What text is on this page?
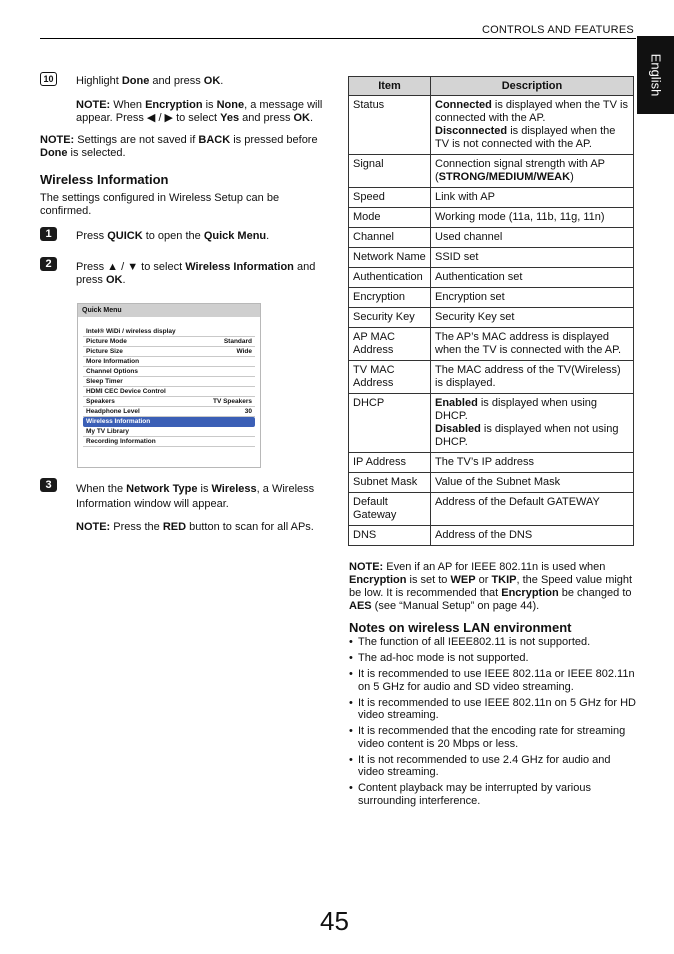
CONTROLS AND FEATURES
English
10	Highlight Done and press OK.
NOTE: When Encryption is None, a message will appear. Press ◀ / ▶ to select Yes and press OK.
NOTE: Settings are not saved if BACK is pressed before Done is selected.
Wireless Information
The settings configured in Wireless Setup can be confirmed.
1	Press QUICK to open the Quick Menu.
2	Press ▲ / ▼ to select Wireless Information and press OK.
Quick Menu
Intel® WiDi / wireless display
Picture Mode	Standard
Picture Size	Wide
More Information
Channel Options
Sleep Timer
HDMI CEC Device Control
Speakers	TV Speakers
Headphone Level	30
Wireless Information
My TV Library
Recording Information
3	When the Network Type is Wireless, a Wireless Information window will appear.
NOTE: Press the RED button to scan for all APs.
Item	Description
Status	Connected is displayed when the TV is connected with the AP.
Disconnected is displayed when the TV is not connected with the AP.
Signal	Connection signal strength with AP (STRONG/MEDIUM/WEAK)
Speed	Link with AP
Mode	Working mode (11a, 11b, 11g, 11n)
Channel	Used channel
Network Name	SSID set
Authentication	Authentication set
Encryption	Encryption set
Security Key	Security Key set
AP MAC Address	The AP’s MAC address is displayed when the TV is connected with the AP.
TV MAC Address	The MAC address of the TV(Wireless) is displayed.
DHCP	Enabled is displayed when using DHCP.
Disabled is displayed when not using DHCP.
IP Address	The TV’s IP address
Subnet Mask	Value of the Subnet Mask
Default Gateway	Address of the Default GATEWAY
DNS	Address of the DNS
NOTE: Even if an AP for IEEE 802.11n is used when Encryption is set to WEP or TKIP, the Speed value might be low. It is recommended that Encryption be changed to AES (see “Manual Setup” on page 44).
Notes on wireless LAN environment
• The function of all IEEE802.11 is not supported.
• The ad-hoc mode is not supported.
• It is recommended to use IEEE 802.11a or IEEE 802.11n on 5 GHz for audio and SD video streaming.
• It is recommended to use IEEE 802.11n on 5 GHz for HD video streaming.
• It is recommended that the encoding rate for streaming video content is 20 Mbps or less.
• It is not recommended to use 2.4 GHz for audio and video streaming.
• Content playback may be interrupted by various surrounding interference.
45
